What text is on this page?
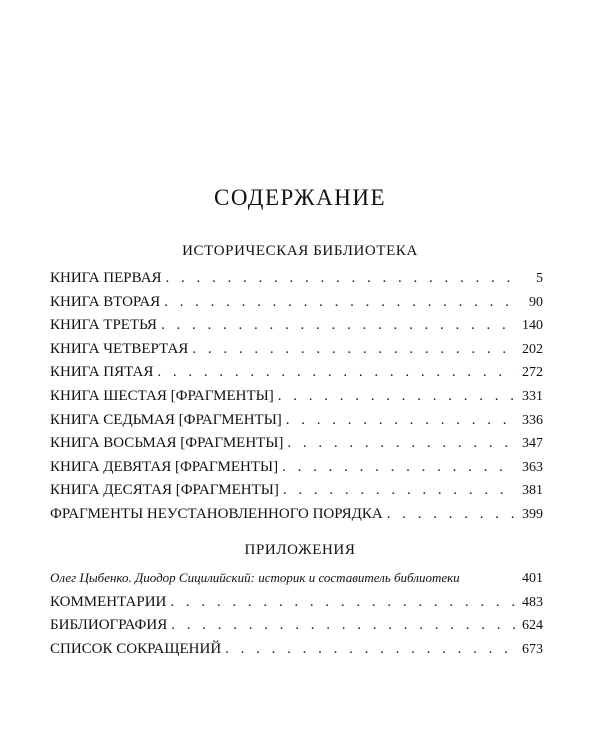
СОДЕРЖАНИЕ
ИСТОРИЧЕСКАЯ БИБЛИОТЕКА
КНИГА ПЕРВАЯ . . .	5
КНИГА ВТОРАЯ . . .	90
КНИГА ТРЕТЬЯ . . .	140
КНИГА ЧЕТВЕРТАЯ . . .	202
КНИГА ПЯТАЯ . . .	272
КНИГА ШЕСТАЯ [ФРАГМЕНТЫ] . . .	331
КНИГА СЕДЬМАЯ [ФРАГМЕНТЫ] . . .	336
КНИГА ВОСЬМАЯ [ФРАГМЕНТЫ] . . .	347
КНИГА ДЕВЯТАЯ [ФРАГМЕНТЫ] . . .	363
КНИГА ДЕСЯТАЯ [ФРАГМЕНТЫ] . . .	381
ФРАГМЕНТЫ НЕУСТАНОВЛЕННОГО ПОРЯДКА . . .	399
ПРИЛОЖЕНИЯ
Олег Цыбенко. Диодор Сицилийский: историк и составитель библиотеки	401
КОММЕНТАРИИ . . .	483
БИБЛИОГРАФИЯ . . .	624
СПИСОК СОКРАЩЕНИЙ . . .	673
